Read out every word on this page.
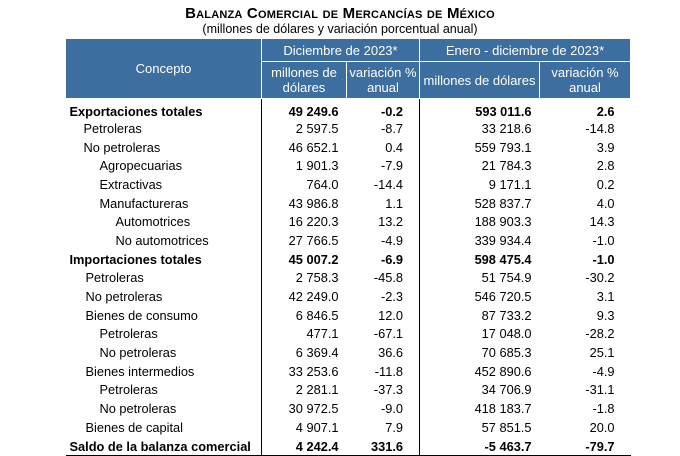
Balanza Comercial de Mercancías de México
(millones de dólares y variación porcentual anual)
Concepto	Diciembre de 2023*		Enero - diciembre de 2023*	
	millones de dólares	variación % anual	millones de dólares	variación % anual
Exportaciones totales	49 249.6	-0.2	593 011.6	2.6
Petroleras	2 597.5	-8.7	33 218.6	-14.8
No petroleras	46 652.1	0.4	559 793.1	3.9
Agropecuarias	1 901.3	-7.9	21 784.3	2.8
Extractivas	764.0	-14.4	9 171.1	0.2
Manufactureras	43 986.8	1.1	528 837.7	4.0
Automotrices	16 220.3	13.2	188 903.3	14.3
No automotrices	27 766.5	-4.9	339 934.4	-1.0
Importaciones totales	45 007.2	-6.9	598 475.4	-1.0
Petroleras	2 758.3	-45.8	51 754.9	-30.2
No petroleras	42 249.0	-2.3	546 720.5	3.1
Bienes de consumo	6 846.5	12.0	87 733.2	9.3
Petroleras	477.1	-67.1	17 048.0	-28.2
No petroleras	6 369.4	36.6	70 685.3	25.1
Bienes intermedios	33 253.6	-11.8	452 890.6	-4.9
Petroleras	2 281.1	-37.3	34 706.9	-31.1
No petroleras	30 972.5	-9.0	418 183.7	-1.8
Bienes de capital	4 907.1	7.9	57 851.5	20.0
Saldo de la balanza comercial	4 242.4	331.6	-5 463.7	-79.7
